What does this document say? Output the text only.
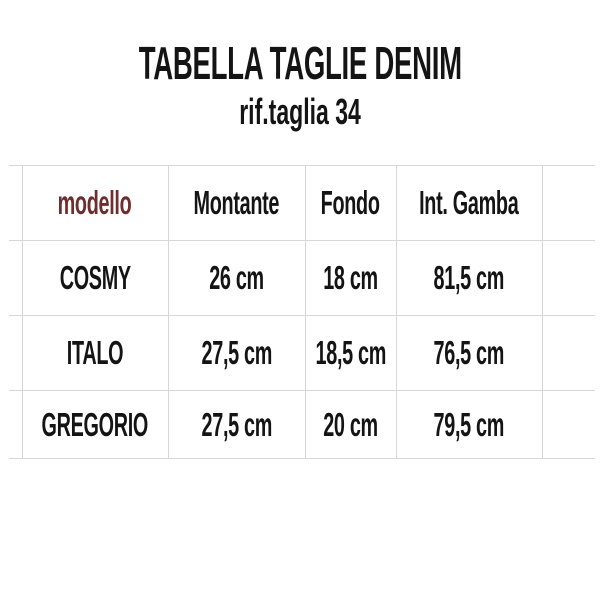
TABELLA TAGLIE DENIM
rif.taglia 34
modello Montante Fondo Int. Gamba
COSMY 26 cm 18 cm 81,5 cm
ITALO 27,5 cm 18,5 cm 76,5 cm
GREGORIO 27,5 cm 20 cm 79,5 cm
